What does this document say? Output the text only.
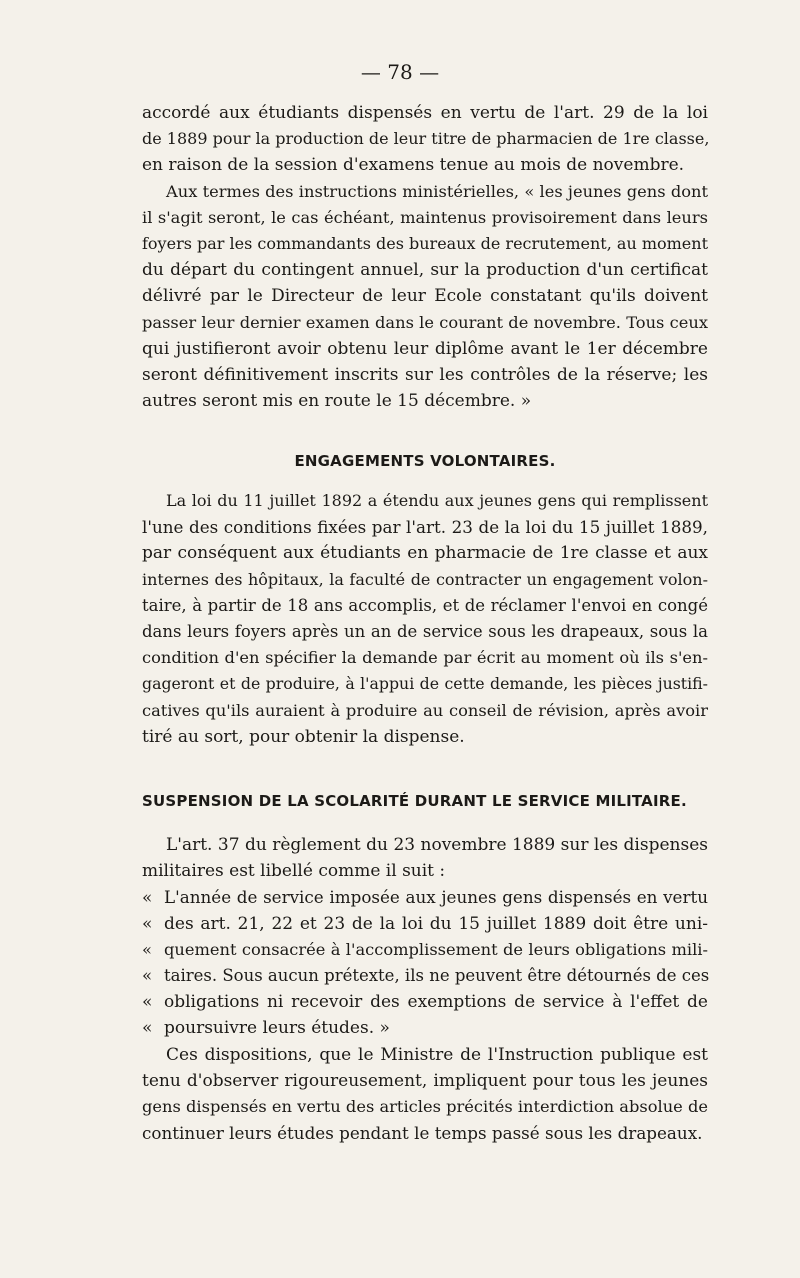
— 78 —
accordé aux étudiants dispensés en vertu de l'art. 29 de la loi
de 1889 pour la production de leur titre de pharmacien de 1re classe,
en raison de la session d'examens tenue au mois de novembre.
Aux termes des instructions ministérielles, « les jeunes gens dont
il s'agit seront, le cas échéant, maintenus provisoirement dans leurs
foyers par les commandants des bureaux de recrutement, au moment
du départ du contingent annuel, sur la production d'un certificat
délivré par le Directeur de leur Ecole constatant qu'ils doivent
passer leur dernier examen dans le courant de novembre. Tous ceux
qui justifieront avoir obtenu leur diplôme avant le 1er décembre
seront définitivement inscrits sur les contrôles de la réserve; les
autres seront mis en route le 15 décembre. »
ENGAGEMENTS VOLONTAIRES.
La loi du 11 juillet 1892 a étendu aux jeunes gens qui remplissent
l'une des conditions fixées par l'art. 23 de la loi du 15 juillet 1889,
par conséquent aux étudiants en pharmacie de 1re classe et aux
internes des hôpitaux, la faculté de contracter un engagement volon-
taire, à partir de 18 ans accomplis, et de réclamer l'envoi en congé
dans leurs foyers après un an de service sous les drapeaux, sous la
condition d'en spécifier la demande par écrit au moment où ils s'en-
gageront et de produire, à l'appui de cette demande, les pièces justifi-
catives qu'ils auraient à produire au conseil de révision, après avoir
tiré au sort, pour obtenir la dispense.
SUSPENSION DE LA SCOLARITÉ DURANT LE SERVICE MILITAIRE.
L'art. 37 du règlement du 23 novembre 1889 sur les dispenses
militaires est libellé comme il suit :
« L'année de service imposée aux jeunes gens dispensés en vertu
« des art. 21, 22 et 23 de la loi du 15 juillet 1889 doit être uni-
« quement consacrée à l'accomplissement de leurs obligations mili-
« taires. Sous aucun prétexte, ils ne peuvent être détournés de ces
« obligations ni recevoir des exemptions de service à l'effet de
« poursuivre leurs études. »
Ces dispositions, que le Ministre de l'Instruction publique est
tenu d'observer rigoureusement, impliquent pour tous les jeunes
gens dispensés en vertu des articles précités interdiction absolue de
continuer leurs études pendant le temps passé sous les drapeaux.
